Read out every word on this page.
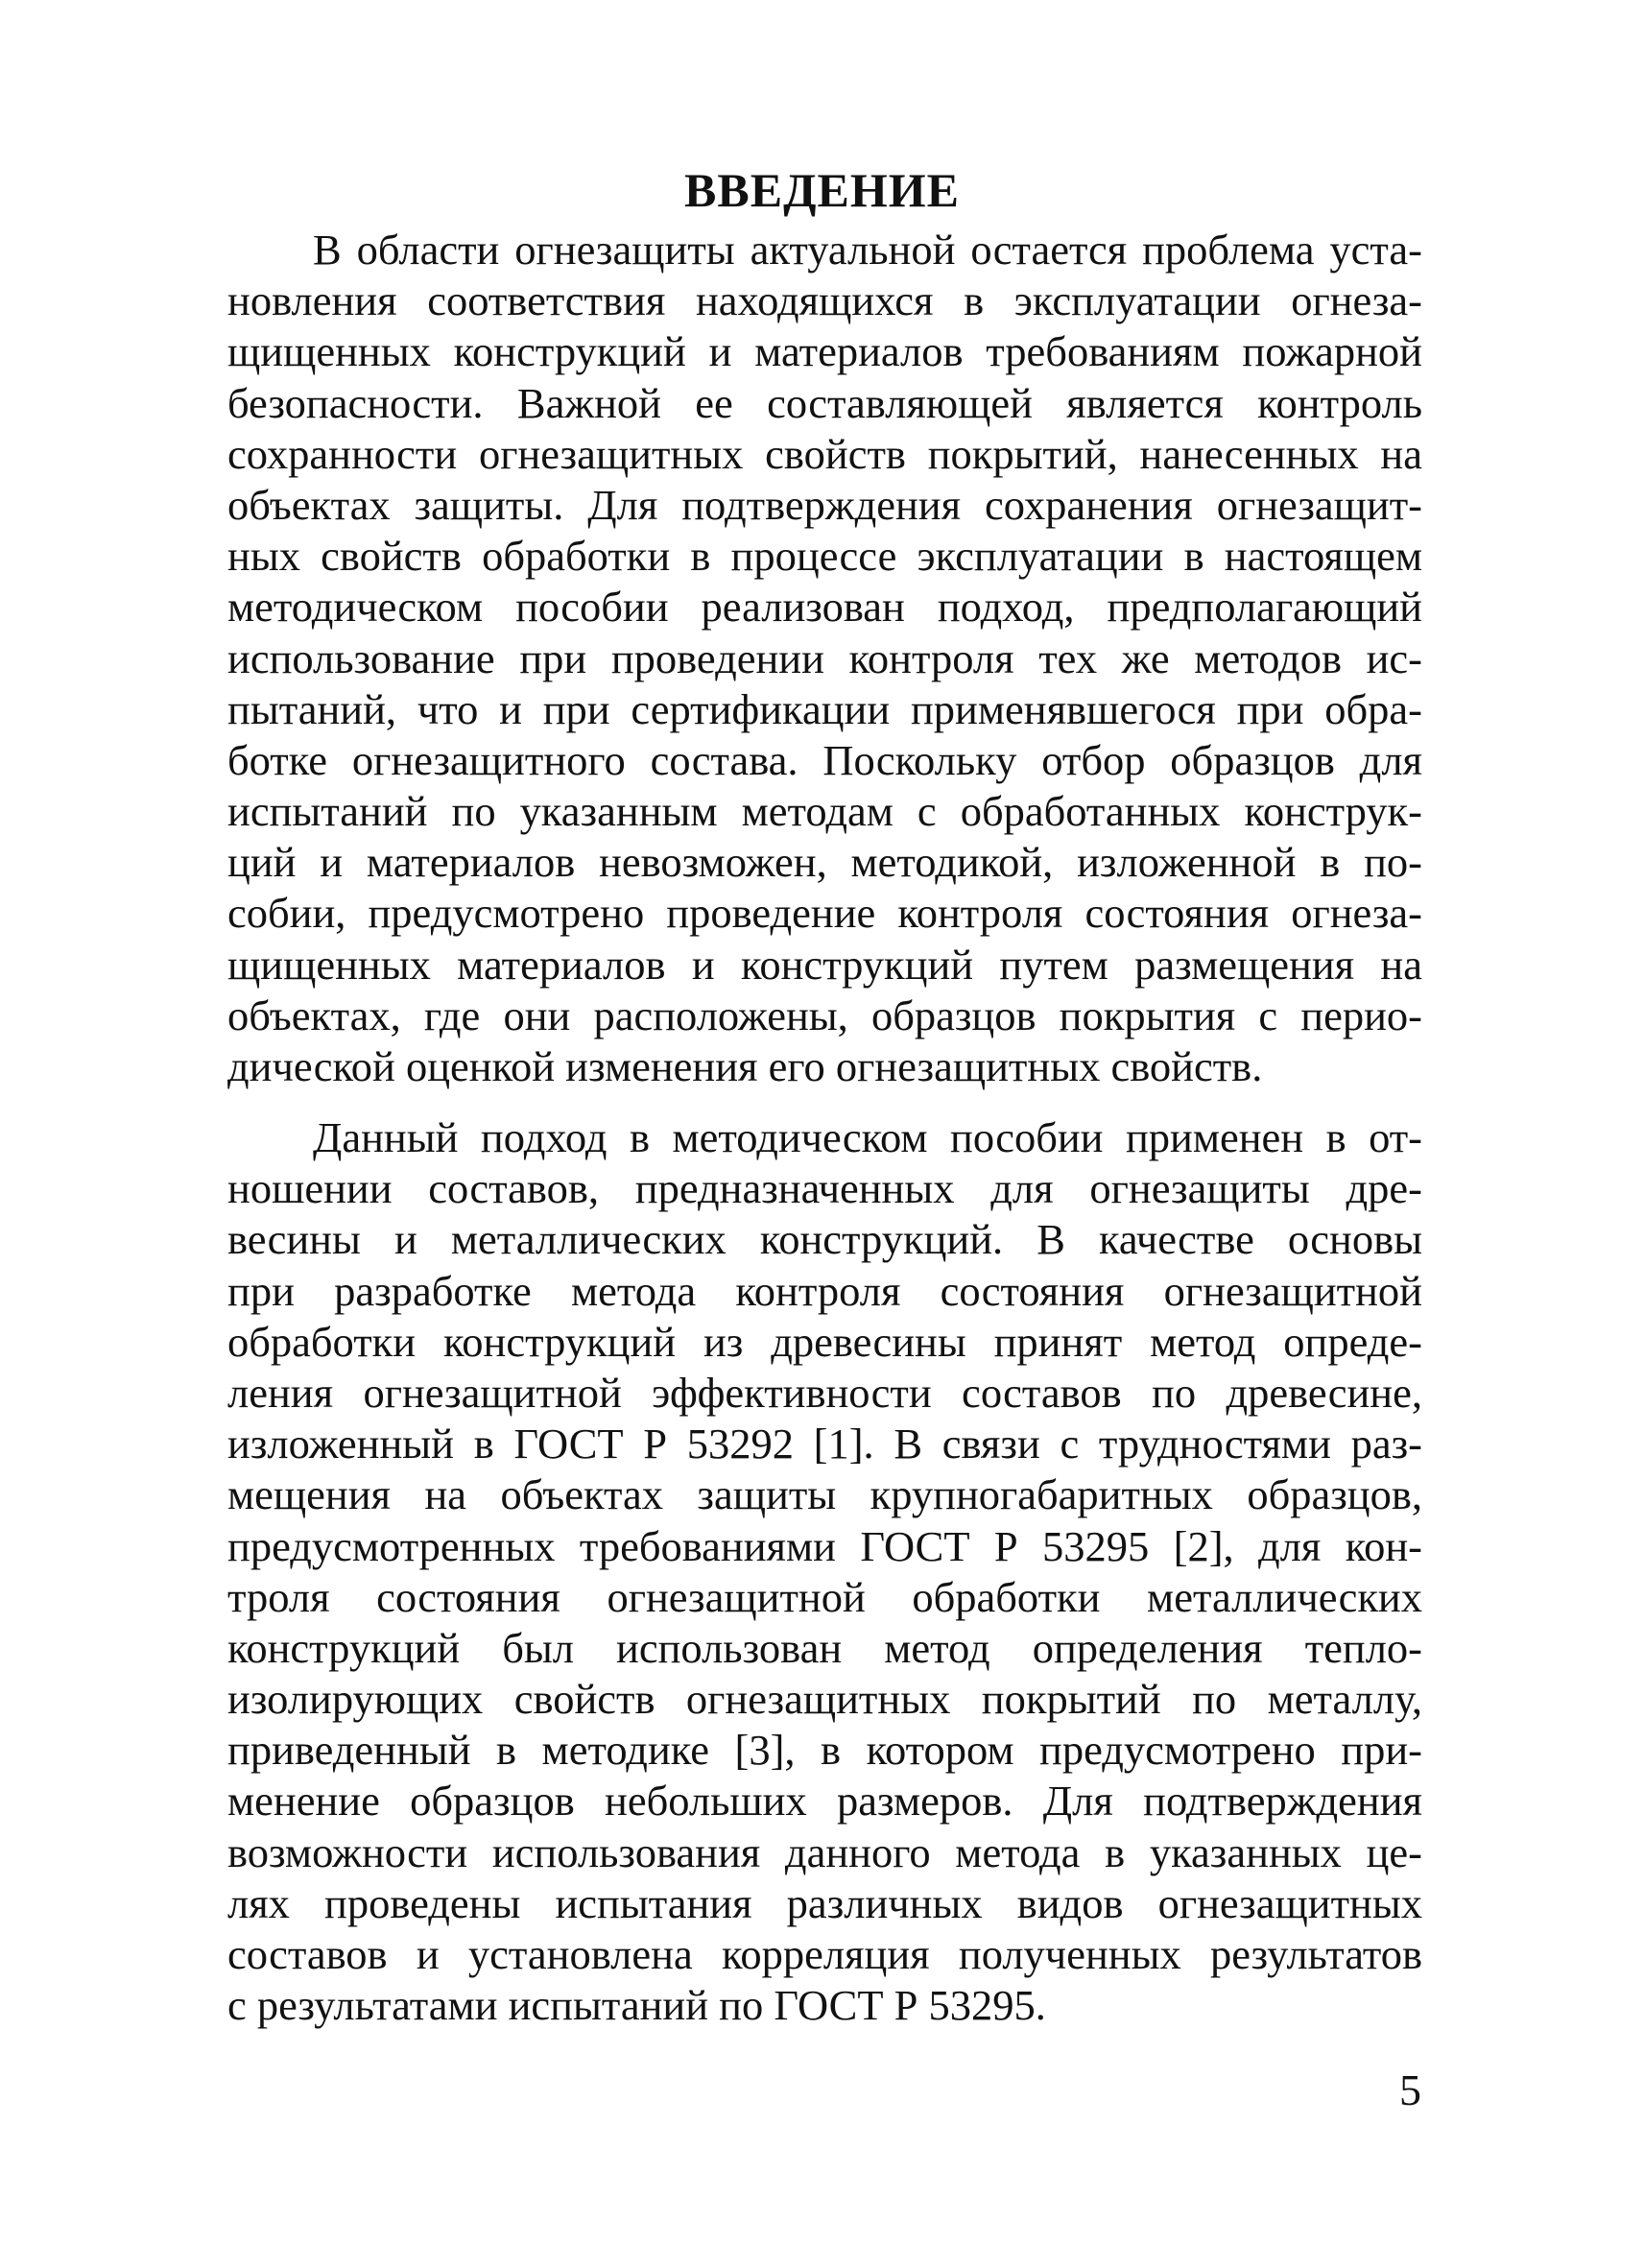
ВВЕДЕНИЕ
  В области огнезащиты актуальной остается проблема уста-
новления соответствия находящихся в эксплуатации огнеза-
щищенных конструкций и материалов требованиям пожарной
безопасности. Важной ее составляющей является контроль
сохранности огнезащитных свойств покрытий, нанесенных на
объектах защиты. Для подтверждения сохранения огнезащит-
ных свойств обработки в процессе эксплуатации в настоящем
методическом пособии реализован подход, предполагающий
использование при проведении контроля тех же методов ис-
пытаний, что и при сертификации применявшегося при обра-
ботке огнезащитного состава. Поскольку отбор образцов для
испытаний по указанным методам с обработанных конструк-
ций и материалов невозможен, методикой, изложенной в по-
собии, предусмотрено проведение контроля состояния огнеза-
щищенных материалов и конструкций путем размещения на
объектах, где они расположены, образцов покрытия с перио-
дической оценкой изменения его огнезащитных свойств.
  Данный подход в методическом пособии применен в от-
ношении составов, предназначенных для огнезащиты дре-
весины и металлических конструкций. В качестве основы
при разработке метода контроля состояния огнезащитной
обработки конструкций из древесины принят метод опреде-
ления огнезащитной эффективности составов по древесине,
изложенный в ГОСТ Р 53292 [1]. В связи с трудностями раз-
мещения на объектах защиты крупногабаритных образцов,
предусмотренных требованиями ГОСТ Р 53295 [2], для кон-
троля состояния огнезащитной обработки металлических
конструкций был использован метод определения тепло-
изолирующих свойств огнезащитных покрытий по металлу,
приведенный в методике [3], в котором предусмотрено при-
менение образцов небольших размеров. Для подтверждения
возможности использования данного метода в указанных це-
лях проведены испытания различных видов огнезащитных
составов и установлена корреляция полученных результатов
с результатами испытаний по ГОСТ Р 53295.
5
